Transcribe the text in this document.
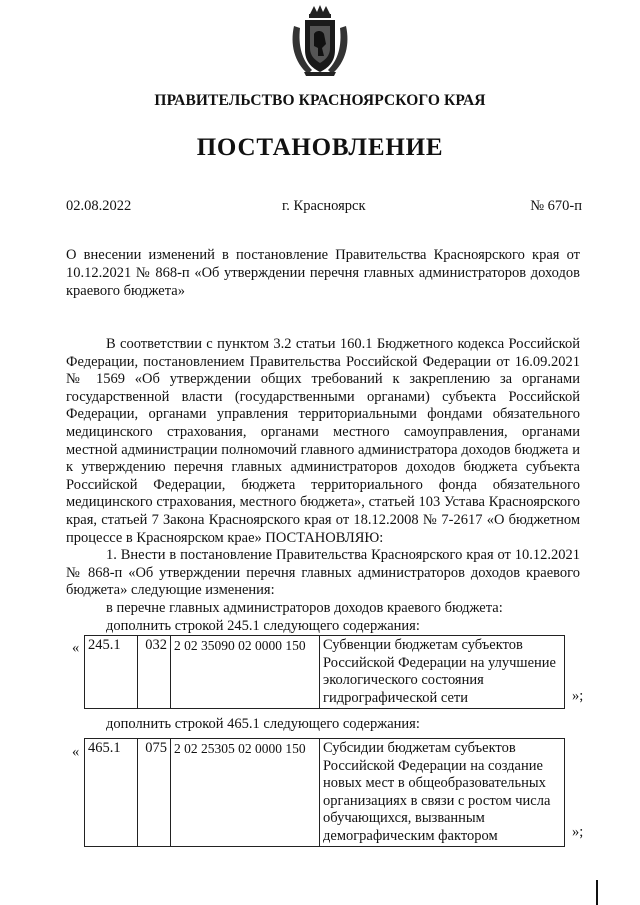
ПРАВИТЕЛЬСТВО КРАСНОЯРСКОГО КРАЯ
ПОСТАНОВЛЕНИЕ
02.08.2022	г. Красноярск	№ 670-п
О внесении изменений в постановление Правительства Красноярского края от 10.12.2021 № 868-п «Об утверждении перечня главных администраторов доходов краевого бюджета»

В соответствии с пунктом 3.2 статьи 160.1 Бюджетного кодекса Российской Федерации, постановлением Правительства Российской Федерации от 16.09.2021 № 1569 «Об утверждении общих требований к закреплению за органами государственной власти (государственными органами) субъекта Российской Федерации, органами управления территориальными фондами обязательного медицинского страхования, органами местного самоуправления, органами местной администрации полномочий главного администратора доходов бюджета и к утверждению перечня главных администраторов доходов бюджета субъекта Российской Федерации, бюджета территориального фонда обязательного медицинского страхования, местного бюджета», статьей 103 Устава Красноярского края, статьей 7 Закона Красноярского края от 18.12.2008 № 7-2617 «О бюджетном процессе в Красноярском крае» ПОСТАНОВЛЯЮ:

1. Внести в постановление Правительства Красноярского края от 10.12.2021 № 868-п «Об утверждении перечня главных администраторов доходов краевого бюджета» следующие изменения:

в перечне главных администраторов доходов краевого бюджета:

дополнить строкой 245.1 следующего содержания:

« 245.1	032	2 02 35090 02 0000 150	Субвенции бюджетам субъектов Российской Федерации на улучшение экологического состояния гидрографической сети	»;
дополнить строкой 465.1 следующего содержания:
« 465.1	075	2 02 25305 02 0000 150	Субсидии бюджетам субъектов Российской Федерации на создание новых мест в общеобразовательных организациях в связи с ростом числа обучающихся, вызванным демографическим фактором	»;
